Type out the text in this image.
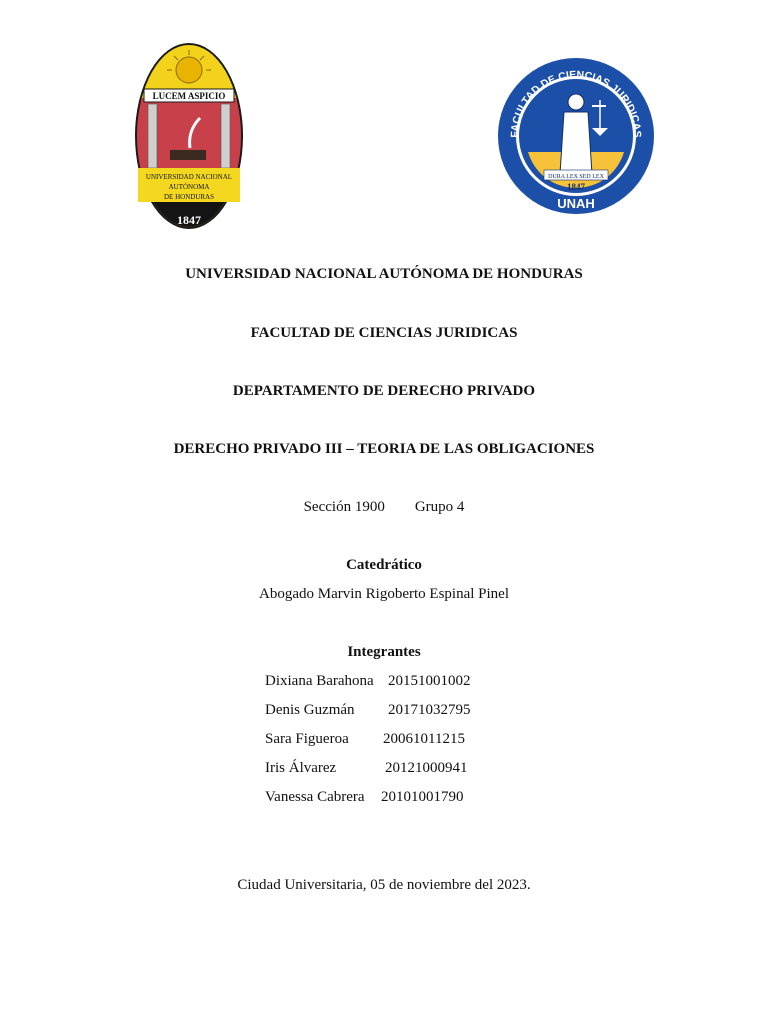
1847
LUCEM ASPICIO
UNIVERSIDAD NACIONAL
AUTÓNOMA
DE HONDURAS
DURA LEX SED LEX
1847
FACULTAD DE CIENCIAS JURIDICAS
UNAH
UNIVERSIDAD NACIONAL AUTÓNOMA DE HONDURAS
FACULTAD DE CIENCIAS JURIDICAS
DEPARTAMENTO DE DERECHO PRIVADO
DERECHO PRIVADO III – TEORIA DE LAS OBLIGACIONES
Sección 1900 Grupo 4
Catedrático
Abogado Marvin Rigoberto Espinal Pinel
Integrantes
Dixiana Barahona 20151001002
Denis Guzmán 20171032795
Sara Figueroa 20061011215
Iris Álvarez	20121000941
Vanessa Cabrera 20101001790
Ciudad Universitaria, 05 de noviembre del 2023.
